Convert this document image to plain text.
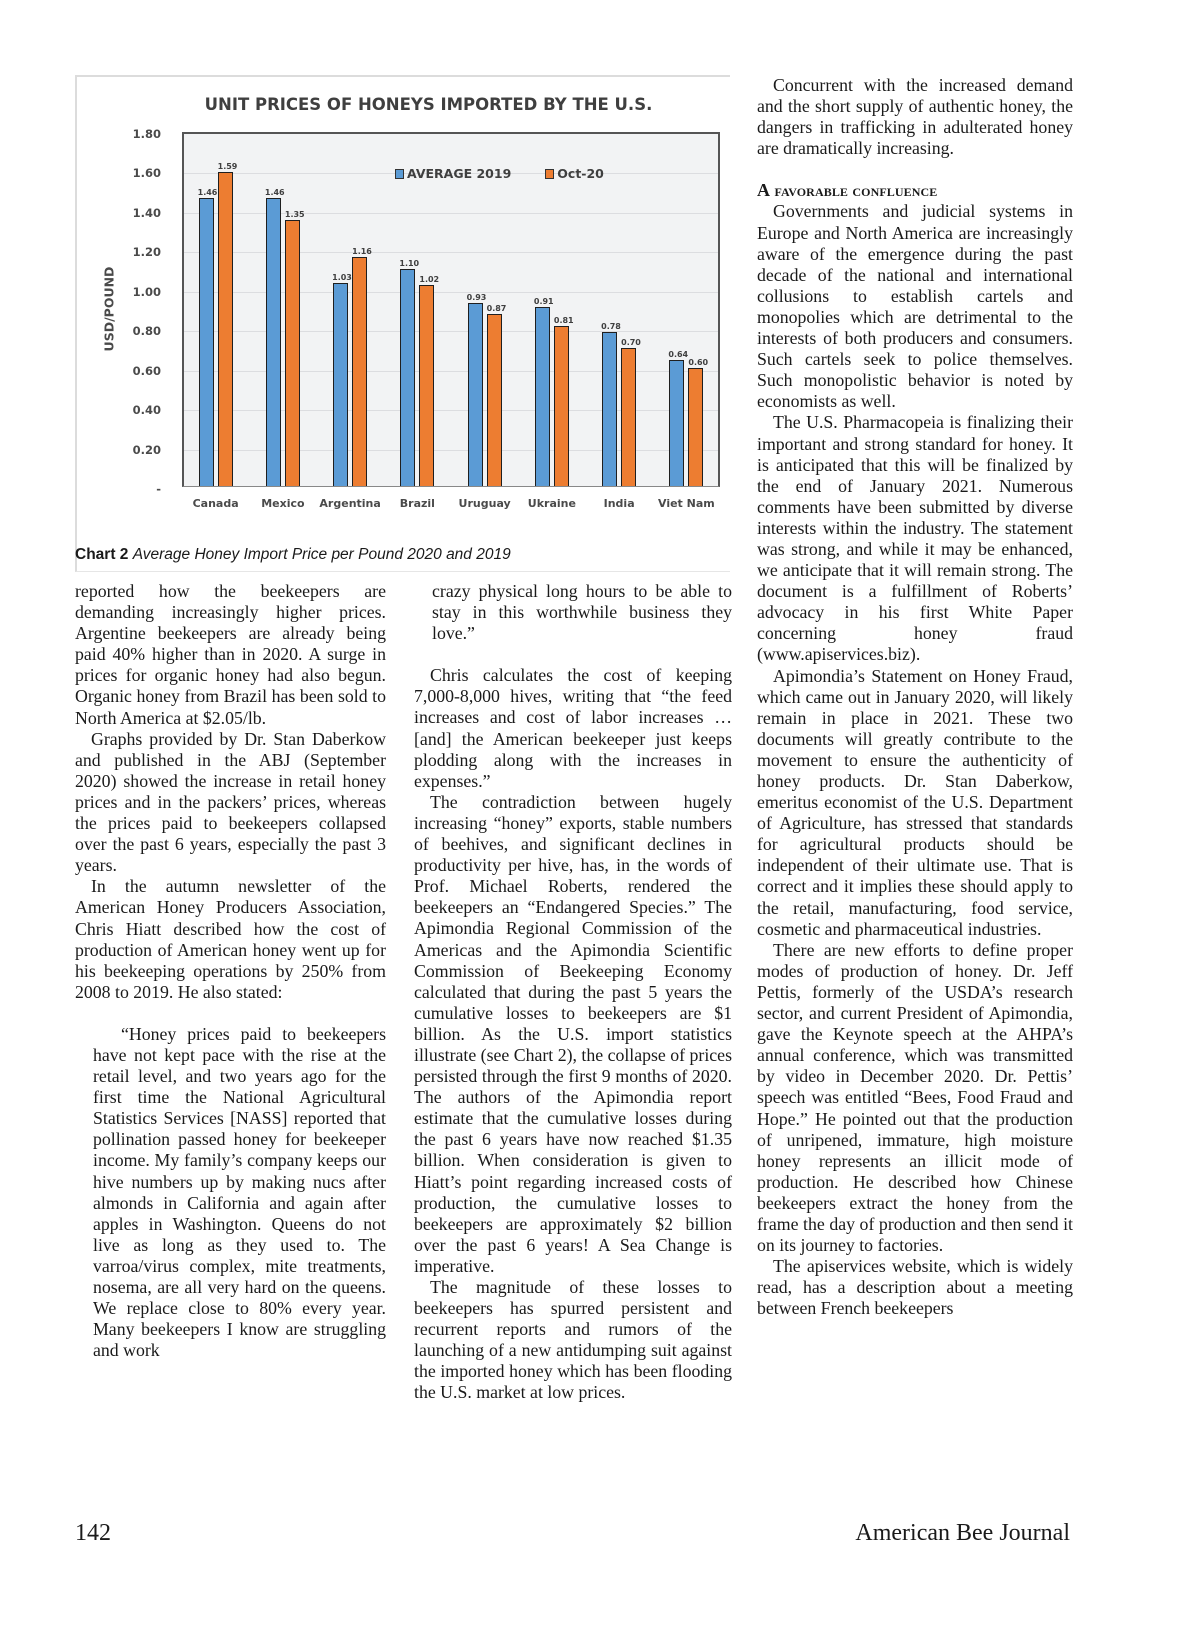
UNIT PRICES OF HONEYS IMPORTED BY THE U.S.
USD/POUND
-
0.20
0.40
0.60
0.80
1.00
1.20
1.40
1.60
1.80
1.46
1.59
1.46
1.35
1.03
1.16
1.10
1.02
0.93
0.87
0.91
0.81
0.78
0.70
0.64
0.60
AVERAGE 2019	Oct-20
Canada	Mexico	Argentina	Brazil	Uruguay	Ukraine	India	Viet Nam
Chart 2 Average Honey Import Price per Pound 2020 and 2019

reported how the beekeepers are demanding increasingly higher prices. Argentine beekeepers are already being paid 40% higher than in 2020. A surge in prices for organic honey had also begun. Organic honey from Brazil has been sold to North America at $2.05/lb.

Graphs provided by Dr. Stan Daberkow and published in the ABJ (September 2020) showed the increase in retail honey prices and in the packers’ prices, whereas the prices paid to beekeepers collapsed over the past 6 years, especially the past 3 years.

In the autumn newsletter of the American Honey Producers Association, Chris Hiatt described how the cost of production of American honey went up for his beekeeping operations by 250% from 2008 to 2019. He also stated:

“Honey prices paid to beekeepers have not kept pace with the rise at the retail level, and two years ago for the first time the National Agricultural Statistics Services [NASS] reported that pollination passed honey for beekeeper income. My family’s company keeps our hive numbers up by making nucs after almonds in California and again after apples in Washington. Queens do not live as long as they used to. The varroa/virus complex, mite treatments, nosema, are all very hard on the queens. We replace close to 80% every year. Many beekeepers I know are struggling and work

crazy physical long hours to be able to stay in this worthwhile business they love.”

Chris calculates the cost of keeping 7,000-8,000 hives, writing that “the feed increases and cost of labor increases … [and] the American beekeeper just keeps plodding along with the increases in expenses.”

The contradiction between hugely increasing “honey” exports, stable numbers of beehives, and significant declines in productivity per hive, has, in the words of Prof. Michael Roberts, rendered the beekeepers an “Endangered Species.” The Apimondia Regional Commission of the Americas and the Apimondia Scientific Commission of Beekeeping Economy calculated that during the past 5 years the cumulative losses to beekeepers are $1 billion. As the U.S. import statistics illustrate (see Chart 2), the collapse of prices persisted through the first 9 months of 2020. The authors of the Apimondia report estimate that the cumulative losses during the past 6 years have now reached $1.35 billion. When consideration is given to Hiatt’s point regarding increased costs of production, the cumulative losses to beekeepers are approximately $2 billion over the past 6 years! A Sea Change is imperative.

The magnitude of these losses to beekeepers has spurred persistent and recurrent reports and rumors of the launching of a new antidumping suit against the imported honey which has been flooding the U.S. market at low prices.

Concurrent with the increased demand and the short supply of authentic honey, the dangers in trafficking in adulterated honey are dramatically increasing.

A favorable confluence

Governments and judicial systems in Europe and North America are increasingly aware of the emergence during the past decade of the national and international collusions to establish cartels and monopolies which are detrimental to the interests of both producers and consumers. Such cartels seek to police themselves. Such monopolistic behavior is noted by economists as well.

The U.S. Pharmacopeia is finalizing their important and strong standard for honey. It is anticipated that this will be finalized by the end of January 2021. Numerous comments have been submitted by diverse interests within the industry. The statement was strong, and while it may be enhanced, we anticipate that it will remain strong. The document is a fulfillment of Roberts’ advocacy in his first White Paper concerning honey fraud (www.apiservices.biz).

Apimondia’s Statement on Honey Fraud, which came out in January 2020, will likely remain in place in 2021. These two documents will greatly contribute to the movement to ensure the authenticity of honey products. Dr. Stan Daberkow, emeritus economist of the U.S. Department of Agriculture, has stressed that standards for agricultural products should be independent of their ultimate use. That is correct and it implies these should apply to the retail, manufacturing, food service, cosmetic and pharmaceutical industries.

There are new efforts to define proper modes of production of honey. Dr. Jeff Pettis, formerly of the USDA’s research sector, and current President of Apimondia, gave the Keynote speech at the AHPA’s annual conference, which was transmitted by video in December 2020. Dr. Pettis’ speech was entitled “Bees, Food Fraud and Hope.” He pointed out that the production of unripened, immature, high moisture honey represents an illicit mode of production. He described how Chinese beekeepers extract the honey from the frame the day of production and then send it on its journey to factories.

The apiservices website, which is widely read, has a description about a meeting between French beekeepers

142	American Bee Journal
